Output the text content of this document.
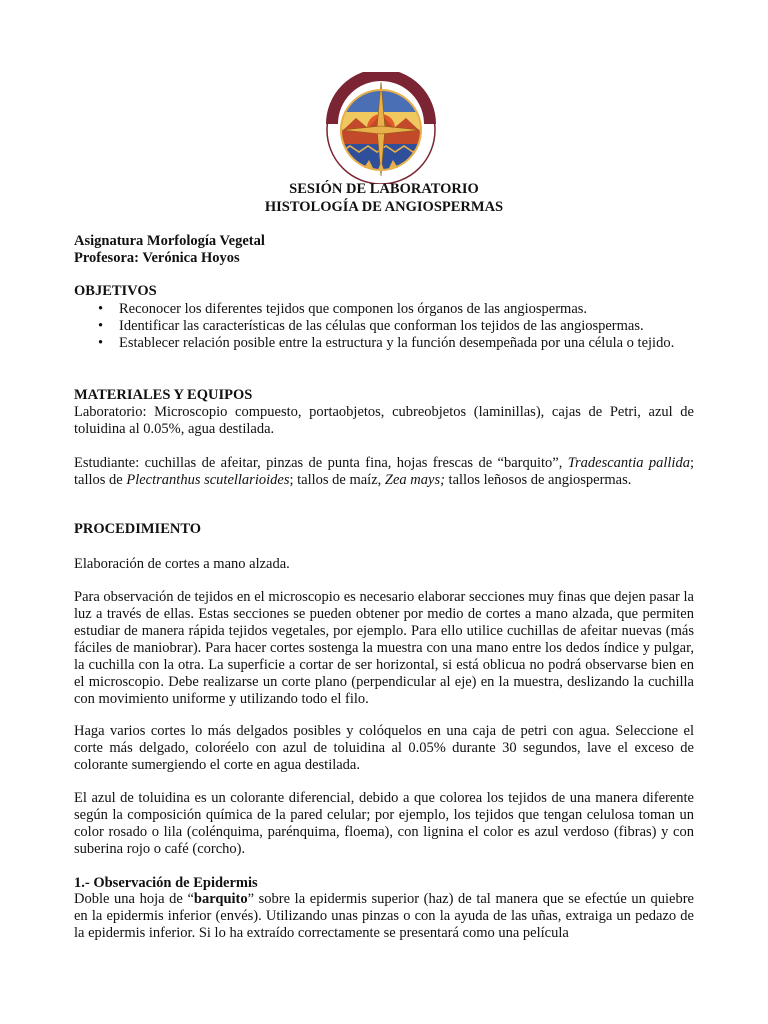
SESIÓN DE LABORATORIO
HISTOLOGÍA DE ANGIOSPERMAS
Asignatura Morfología Vegetal
Profesora: Verónica Hoyos
OBJETIVOS
• Reconocer los diferentes tejidos que componen los órganos de las angiospermas.
• Identificar las características de las células que conforman los tejidos de las angiospermas.
• Establecer relación posible entre la estructura y la función desempeñada por una célula o tejido.
MATERIALES Y EQUIPOS
Laboratorio: Microscopio compuesto, portaobjetos, cubreobjetos (laminillas), cajas de Petri, azul de toluidina al 0.05%, agua destilada.
Estudiante: cuchillas de afeitar, pinzas de punta fina, hojas frescas de “barquito”, Tradescantia pallida; tallos de Plectranthus scutellarioides; tallos de maíz, Zea mays; tallos leñosos de angiospermas.
PROCEDIMIENTO
Elaboración de cortes a mano alzada.
Para observación de tejidos en el microscopio es necesario elaborar secciones muy finas que dejen pasar la luz a través de ellas. Estas secciones se pueden obtener por medio de cortes a mano alzada, que permiten estudiar de manera rápida tejidos vegetales, por ejemplo. Para ello utilice cuchillas de afeitar nuevas (más fáciles de maniobrar). Para hacer cortes sostenga la muestra con una mano entre los dedos índice y pulgar, la cuchilla con la otra. La superficie a cortar de ser horizontal, si está oblicua no podrá observarse bien en el microscopio. Debe realizarse un corte plano (perpendicular al eje) en la muestra, deslizando la cuchilla con movimiento uniforme y utilizando todo el filo.
Haga varios cortes lo más delgados posibles y colóquelos en una caja de petri con agua. Seleccione el corte más delgado, coloréelo con azul de toluidina al 0.05% durante 30 segundos, lave el exceso de colorante sumergiendo el corte en agua destilada.
El azul de toluidina es un colorante diferencial, debido a que colorea los tejidos de una manera diferente según la composición química de la pared celular; por ejemplo, los tejidos que tengan celulosa toman un color rosado o lila (colénquima, parénquima, floema), con lignina el color es azul verdoso (fibras) y con suberina rojo o café (corcho).
1.- Observación de Epidermis
Doble una hoja de “barquito” sobre la epidermis superior (haz) de tal manera que se efectúe un quiebre en la epidermis inferior (envés). Utilizando unas pinzas o con la ayuda de las uñas, extraiga un pedazo de la epidermis inferior. Si lo ha extraído correctamente se presentará como una película
